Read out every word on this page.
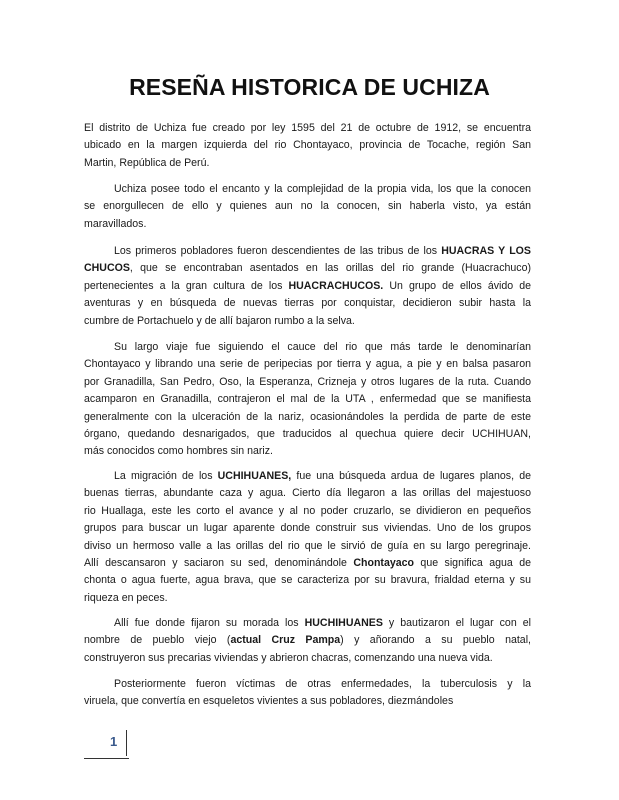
RESEÑA HISTORICA DE UCHIZA
El distrito de Uchiza fue creado por ley 1595 del 21 de octubre de 1912, se encuentra
ubicado en la margen izquierda del rio Chontayaco, provincia de Tocache, región San
Martin, República de Perú.
Uchiza posee todo el encanto y la complejidad de la propia vida, los que la conocen
se enorgullecen de ello y quienes aun no la conocen, sin haberla visto, ya están
maravillados.
Los primeros pobladores fueron descendientes de las tribus de los HUACRAS Y LOS
CHUCOS, que se encontraban asentados en las orillas del rio grande (Huacrachuco)
pertenecientes a la gran cultura de los HUACRACHUCOS. Un grupo de ellos ávido de
aventuras y en búsqueda de nuevas tierras por conquistar, decidieron subir hasta la
cumbre de Portachuelo y de allí bajaron rumbo a la selva.
Su largo viaje fue siguiendo el cauce del rio que más tarde le denominarían
Chontayaco y librando una serie de peripecias por tierra y agua, a pie y en balsa pasaron
por Granadilla, San Pedro, Oso, la Esperanza, Crizneja y otros lugares de la ruta. Cuando
acamparon en Granadilla, contrajeron el mal de la UTA , enfermedad que se manifiesta
generalmente con la ulceración de la nariz, ocasionándoles la perdida de parte de este
órgano, quedando desnarigados, que traducidos al quechua quiere decir UCHIHUAN,
más conocidos como hombres sin nariz.
La migración de los UCHIHUANES, fue una búsqueda ardua de lugares planos, de
buenas tierras, abundante caza y agua. Cierto día llegaron a las orillas del majestuoso
rio Huallaga, este les corto el avance y al no poder cruzarlo, se dividieron en pequeños
grupos para buscar un lugar aparente donde construir sus viviendas. Uno de los grupos
diviso un hermoso valle a las orillas del rio que le sirvió de guía en su largo peregrinaje.
Allí descansaron y saciaron su sed, denominándole Chontayaco que significa agua de
chonta o agua fuerte, agua brava, que se caracteriza por su bravura, frialdad eterna y su
riqueza en peces.
Allí fue donde fijaron su morada los HUCHIHUANES y bautizaron el lugar con el
nombre de pueblo viejo (actual Cruz Pampa) y añorando a su pueblo natal,
construyeron sus precarias viviendas y abrieron chacras, comenzando una nueva vida.
Posteriormente fueron víctimas de otras enfermedades, la tuberculosis y la
viruela, que convertía en esqueletos vivientes a sus pobladores, diezmándoles
1
